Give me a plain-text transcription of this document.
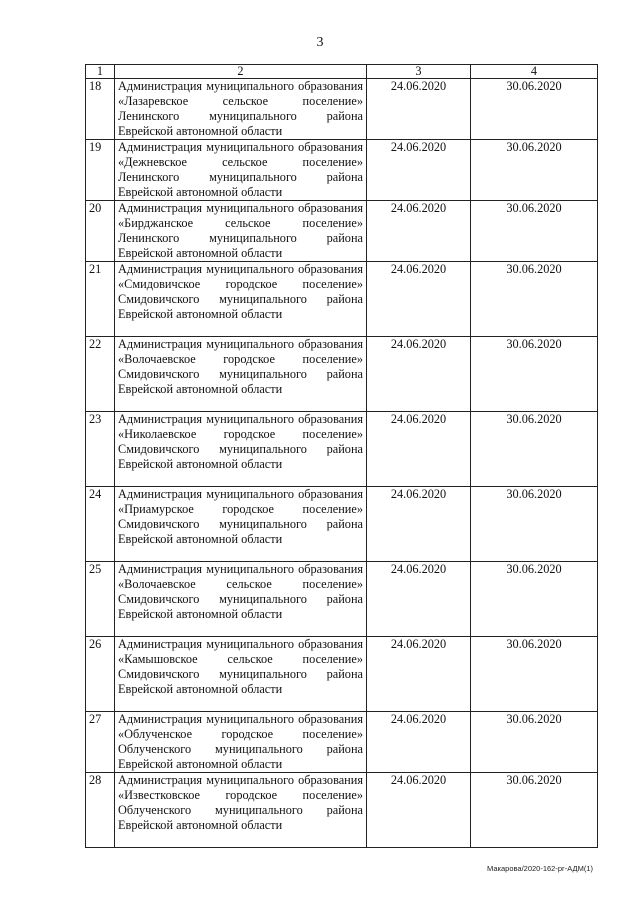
3
1	2	3	4
18	Администрация муниципального образования «Лазаревское сельское поселение» Ленинского муниципального района Еврейской автономной области	24.06.2020	30.06.2020
19	Администрация муниципального образования «Дежневское сельское поселение» Ленинского муниципального района Еврейской автономной области	24.06.2020	30.06.2020
20	Администрация муниципального образования «Бирджанское сельское поселение» Ленинского муниципального района Еврейской автономной области	24.06.2020	30.06.2020
21	Администрация муниципального образования «Смидовичское городское поселение» Смидовичского муниципального района Еврейской автономной области	24.06.2020	30.06.2020
22	Администрация муниципального образования «Волочаевское городское поселение» Смидовичского муниципального района Еврейской автономной области	24.06.2020	30.06.2020
23	Администрация муниципального образования «Николаевское городское поселение» Смидовичского муниципального района Еврейской автономной области	24.06.2020	30.06.2020
24	Администрация муниципального образования «Приамурское городское поселение» Смидовичского муниципального района Еврейской автономной области	24.06.2020	30.06.2020
25	Администрация муниципального образования «Волочаевское сельское поселение» Смидовичского муниципального района Еврейской автономной области	24.06.2020	30.06.2020
26	Администрация муниципального образования «Камышовское сельское поселение» Смидовичского муниципального района Еврейской автономной области	24.06.2020	30.06.2020
27	Администрация муниципального образования «Облученское городское поселение» Облученского муниципального района Еврейской автономной области	24.06.2020	30.06.2020
28	Администрация муниципального образования «Известковское городское поселение» Облученского муниципального района Еврейской автономной области	24.06.2020	30.06.2020
Макарова/2020-162-рг-АДМ(1)
